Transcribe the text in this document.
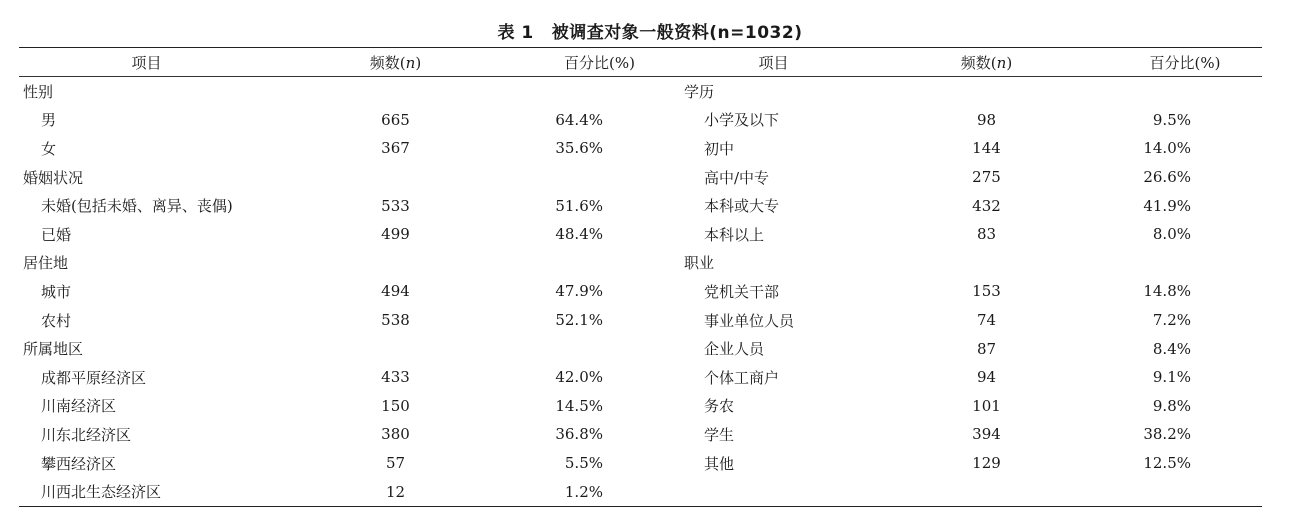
表 1 被调查对象一般资料(n=1032)
项目	频数(n)	百分比(%)	项目	频数(n)	百分比(%)
性别			学历		
男	665	64.4%	小学及以下	98	9.5%
女	367	35.6%	初中	144	14.0%
婚姻状况			高中/中专	275	26.6%
未婚(包括未婚、离异、丧偶)	533	51.6%	本科或大专	432	41.9%
已婚	499	48.4%	本科以上	83	8.0%
居住地			职业		
城市	494	47.9%	党机关干部	153	14.8%
农村	538	52.1%	事业单位人员	74	7.2%
所属地区			企业人员	87	8.4%
成都平原经济区	433	42.0%	个体工商户	94	9.1%
川南经济区	150	14.5%	务农	101	9.8%
川东北经济区	380	36.8%	学生	394	38.2%
攀西经济区	57	5.5%	其他	129	12.5%
川西北生态经济区	12	1.2%			
